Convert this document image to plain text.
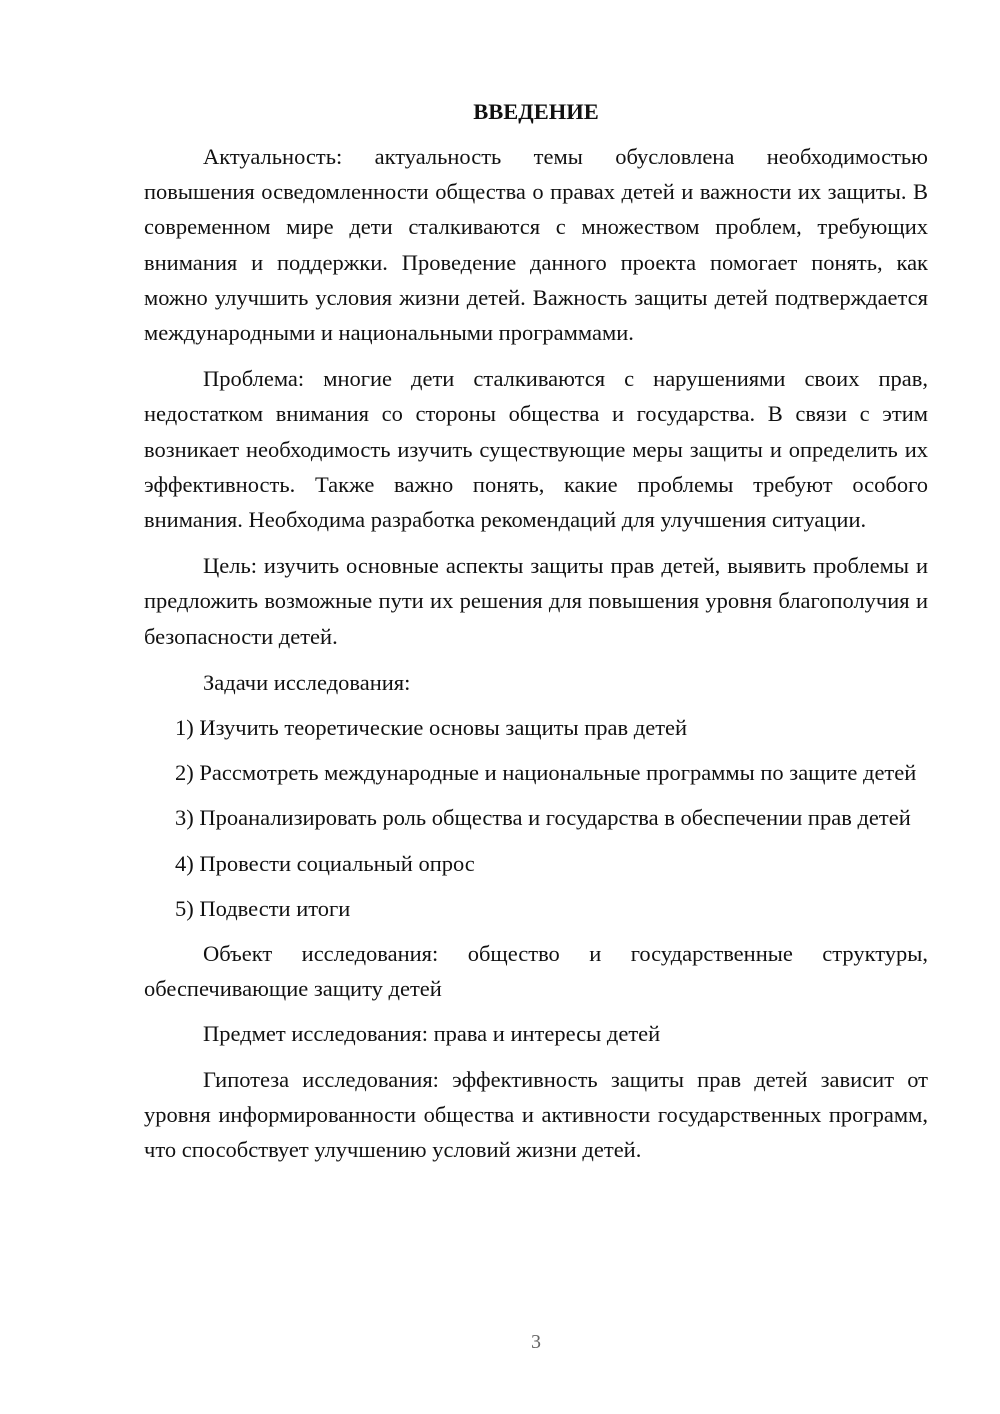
ВВЕДЕНИЕ

Актуальность: актуальность темы обусловлена необходимостью повышения осведомленности общества о правах детей и важности их защиты. В современном мире дети сталкиваются с множеством проблем, требующих внимания и поддержки. Проведение данного проекта помогает понять, как можно улучшить условия жизни детей. Важность защиты детей подтверждается международными и национальными программами.

Проблема: многие дети сталкиваются с нарушениями своих прав, недостатком внимания со стороны общества и государства. В связи с этим возникает необходимость изучить существующие меры защиты и определить их эффективность. Также важно понять, какие проблемы требуют особого внимания. Необходима разработка рекомендаций для улучшения ситуации.

Цель: изучить основные аспекты защиты прав детей, выявить проблемы и предложить возможные пути их решения для повышения уровня благополучия и безопасности детей.

Задачи исследования:

1) Изучить теоретические основы защиты прав детей

2) Рассмотреть международные и национальные программы по защите детей

3) Проанализировать роль общества и государства в обеспечении прав детей

4) Провести социальный опрос

5) Подвести итоги

Объект исследования: общество и государственные структуры, обеспечивающие защиту детей

Предмет исследования: права и интересы детей

Гипотеза исследования: эффективность защиты прав детей зависит от уровня информированности общества и активности государственных программ, что способствует улучшению условий жизни детей.

3
